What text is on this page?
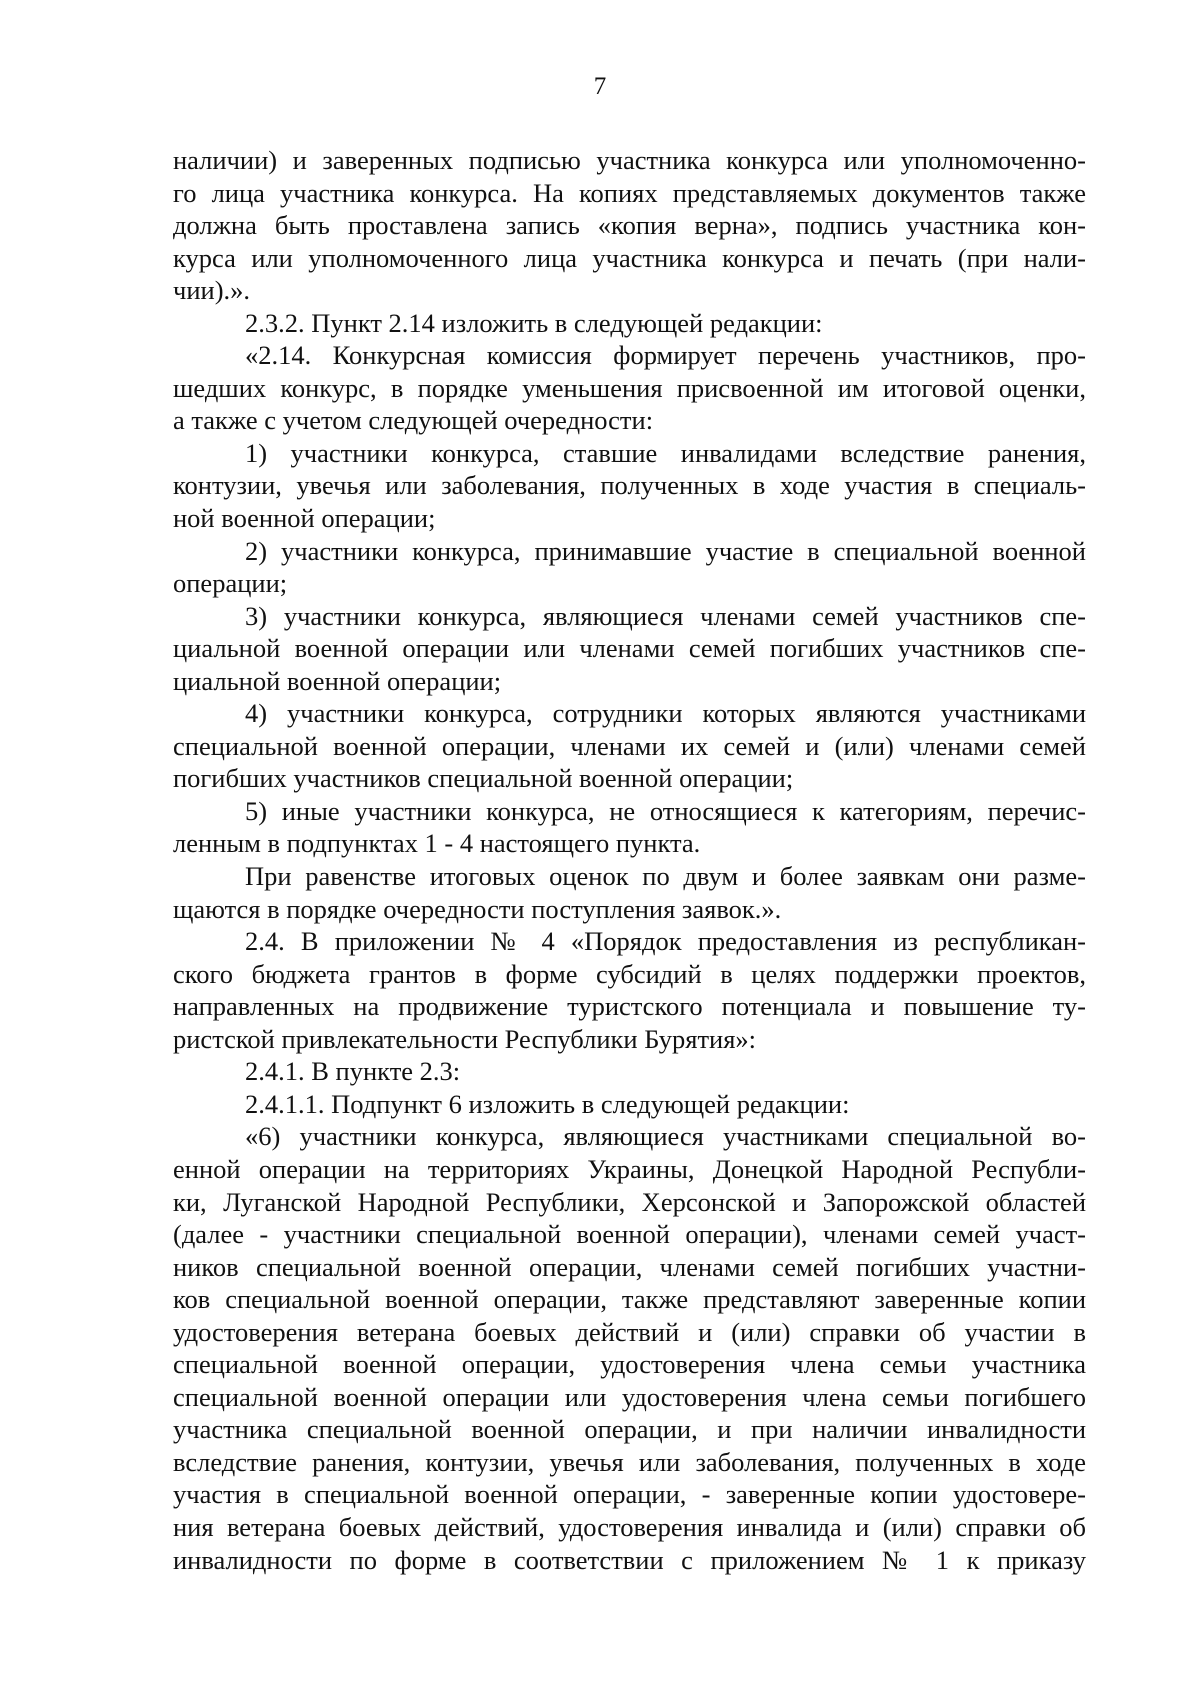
7
наличии) и заверенных подписью участника конкурса или уполномоченно-
го лица участника конкурса. На копиях представляемых документов также
должна быть проставлена запись «копия верна», подпись участника кон-
курса или уполномоченного лица участника конкурса и печать (при нали-
чии).».
2.3.2. Пункт 2.14 изложить в следующей редакции:
«2.14. Конкурсная комиссия формирует перечень участников, про-
шедших конкурс, в порядке уменьшения присвоенной им итоговой оценки,
а также с учетом следующей очередности:
1) участники конкурса, ставшие инвалидами вследствие ранения,
контузии, увечья или заболевания, полученных в ходе участия в специаль-
ной военной операции;
2) участники конкурса, принимавшие участие в специальной военной
операции;
3) участники конкурса, являющиеся членами семей участников спе-
циальной военной операции или членами семей погибших участников спе-
циальной военной операции;
4) участники конкурса, сотрудники которых являются участниками
специальной военной операции, членами их семей и (или) членами семей
погибших участников специальной военной операции;
5) иные участники конкурса, не относящиеся к категориям, перечис-
ленным в подпунктах 1 - 4 настоящего пункта.
При равенстве итоговых оценок по двум и более заявкам они разме-
щаются в порядке очередности поступления заявок.».
2.4. В приложении № 4 «Порядок предоставления из республикан-
ского бюджета грантов в форме субсидий в целях поддержки проектов,
направленных на продвижение туристского потенциала и повышение ту-
ристской привлекательности Республики Бурятия»:
2.4.1. В пункте 2.3:
2.4.1.1. Подпункт 6 изложить в следующей редакции:
«6) участники конкурса, являющиеся участниками специальной во-
енной операции на территориях Украины, Донецкой Народной Республи-
ки, Луганской Народной Республики, Херсонской и Запорожской областей
(далее - участники специальной военной операции), членами семей участ-
ников специальной военной операции, членами семей погибших участни-
ков специальной военной операции, также представляют заверенные копии
удостоверения ветерана боевых действий и (или) справки об участии в
специальной военной операции, удостоверения члена семьи участника
специальной военной операции или удостоверения члена семьи погибшего
участника специальной военной операции, и при наличии инвалидности
вследствие ранения, контузии, увечья или заболевания, полученных в ходе
участия в специальной военной операции, - заверенные копии удостовере-
ния ветерана боевых действий, удостоверения инвалида и (или) справки об
инвалидности по форме в соответствии с приложением № 1 к приказу
